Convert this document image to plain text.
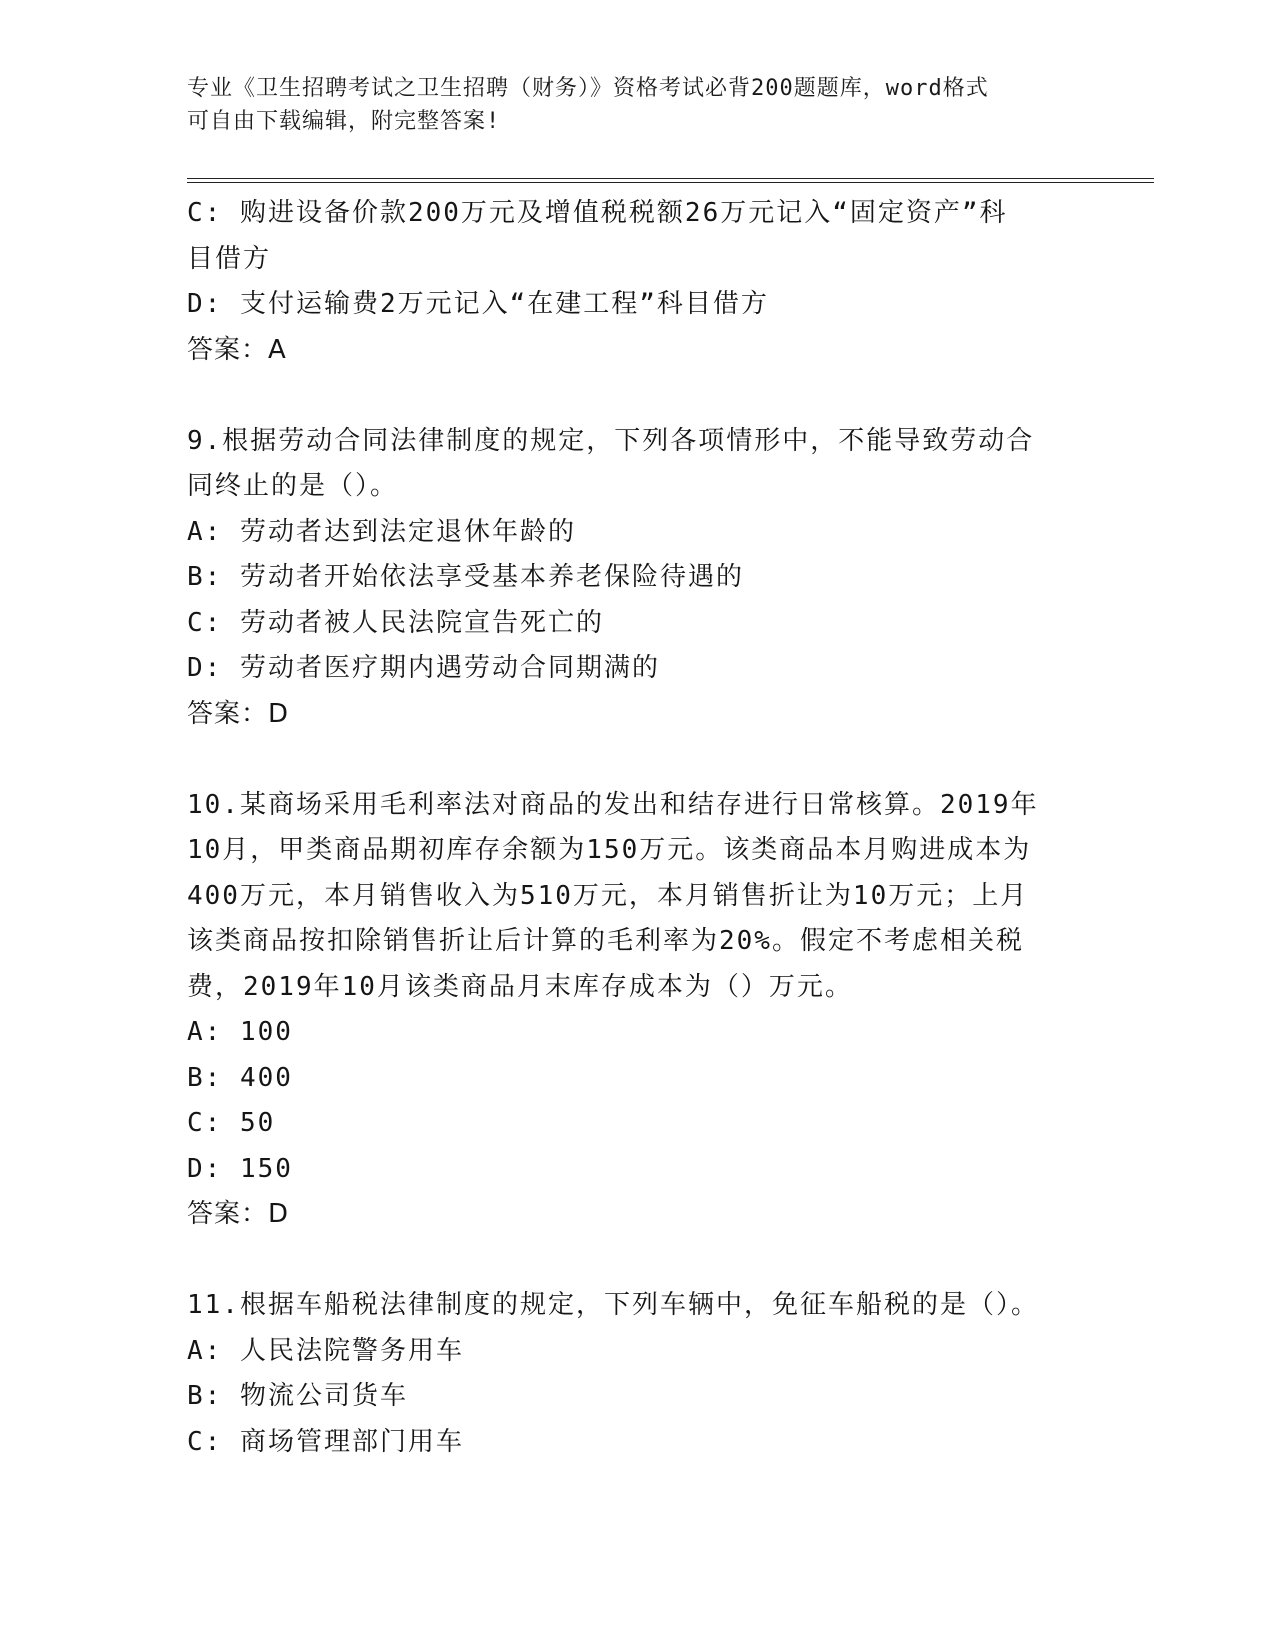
专业《卫生招聘考试之卫生招聘（财务）》资格考试必背200题题库，word格式
可自由下载编辑，附完整答案!
C: 购进设备价款200万元及增值税税额26万元记入“固定资产”科
目借方
D: 支付运输费2万元记入“在建工程”科目借方
答案：A
9.根据劳动合同法律制度的规定，下列各项情形中，不能导致劳动合
同终止的是（）。
A: 劳动者达到法定退休年龄的
B: 劳动者开始依法享受基本养老保险待遇的
C: 劳动者被人民法院宣告死亡的
D: 劳动者医疗期内遇劳动合同期满的
答案：D
10.某商场采用毛利率法对商品的发出和结存进行日常核算。2019年
10月，甲类商品期初库存余额为150万元。该类商品本月购进成本为
400万元，本月销售收入为510万元，本月销售折让为10万元；上月
该类商品按扣除销售折让后计算的毛利率为20%。假定不考虑相关税
费，2019年10月该类商品月末库存成本为（）万元。
A: 100
B: 400
C: 50
D: 150
答案：D
11.根据车船税法律制度的规定，下列车辆中，免征车船税的是（）。
A: 人民法院警务用车
B: 物流公司货车
C: 商场管理部门用车
